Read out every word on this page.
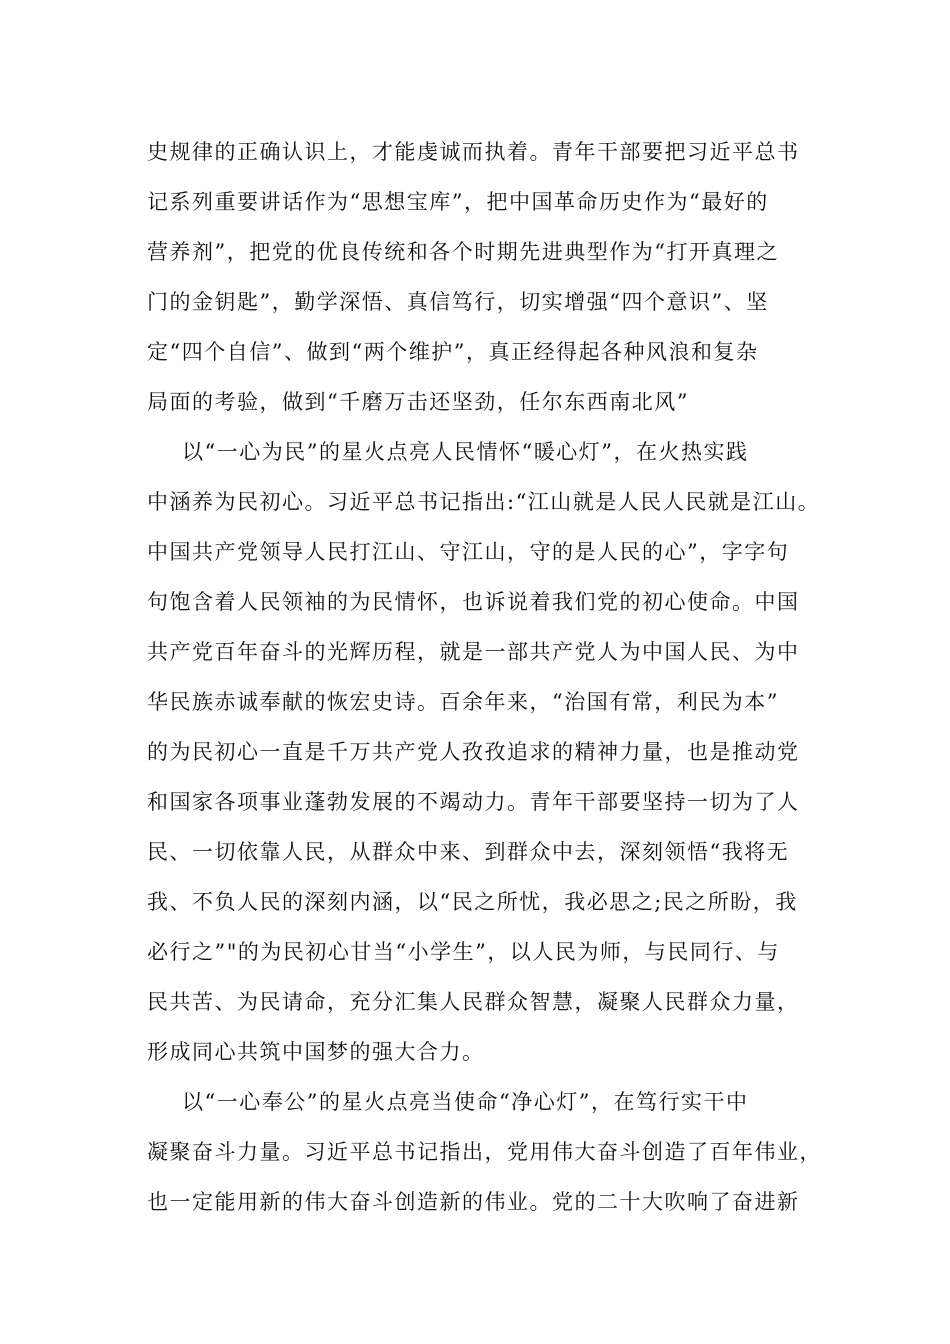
史规律的正确认识上，才能虔诚而执着。青年干部要把习近平总书
记系列重要讲话作为“思想宝库”，把中国革命历史作为“最好的
营养剂”，把党的优良传统和各个时期先进典型作为“打开真理之
门的金钥匙”，勤学深悟、真信笃行，切实增强“四个意识”、坚
定“四个自信”、做到“两个维护”，真正经得起各种风浪和复杂
局面的考验，做到“千磨万击还坚劲，任尔东西南北风”
以“一心为民”的星火点亮人民情怀“暖心灯”，在火热实践
中涵养为民初心。习近平总书记指出:“江山就是人民人民就是江山。
中国共产党领导人民打江山、守江山，守的是人民的心”，字字句
句饱含着人民领袖的为民情怀，也诉说着我们党的初心使命。中国
共产党百年奋斗的光辉历程，就是一部共产党人为中国人民、为中
华民族赤诚奉献的恢宏史诗。百余年来，“治国有常，利民为本”
的为民初心一直是千万共产党人孜孜追求的精神力量，也是推动党
和国家各项事业蓬勃发展的不竭动力。青年干部要坚持一切为了人
民、一切依靠人民，从群众中来、到群众中去，深刻领悟“我将无
我、不负人民的深刻内涵，以“民之所忧，我必思之;民之所盼，我
必行之”"的为民初心甘当“小学生”，以人民为师，与民同行、与
民共苦、为民请命，充分汇集人民群众智慧，凝聚人民群众力量，
形成同心共筑中国梦的强大合力。
以“一心奉公”的星火点亮当使命“净心灯”，在笃行实干中
凝聚奋斗力量。习近平总书记指出，党用伟大奋斗创造了百年伟业，
也一定能用新的伟大奋斗创造新的伟业。党的二十大吹响了奋进新
